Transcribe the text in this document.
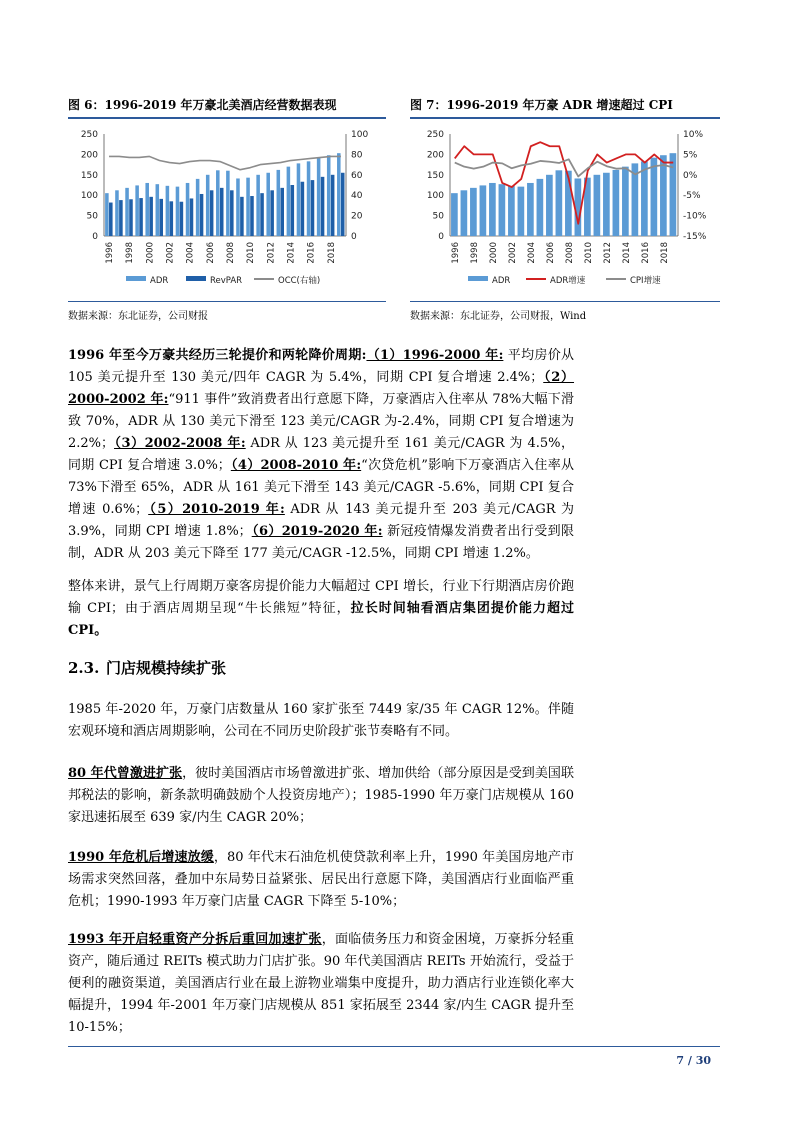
图 6：1996-2019 年万豪北美酒店经营数据表现
0
50
100
150
200
250
0
20
40
60
80
100
1996 1998 2000 2002 2004 2006 2008 2010 2012 2014 2016 2018
ADR	RevPAR	OCC(右轴)
数据来源：东北证券，公司财报
图 7：1996-2019 年万豪 ADR 增速超过 CPI
0
50
100
150
200
250
-15%
-10%
-5%
0%
5%
10%
1996 1998 2000 2002 2004 2006 2008 2010 2012 2014 2016 2018
ADR	ADR增速	CPI增速
数据来源：东北证券，公司财报，Wind
1996 年至今万豪共经历三轮提价和两轮降价周期:（1）1996-2000 年: 平均房价从 105 美元提升至 130 美元/四年 CAGR 为 5.4%，同期 CPI 复合增速 2.4%；（2）2000-2002 年:“911 事件”致消费者出行意愿下降，万豪酒店入住率从 78%大幅下滑致 70%，ADR 从 130 美元下滑至 123 美元/CAGR 为-2.4%，同期 CPI 复合增速为 2.2%；（3）2002-2008 年: ADR 从 123 美元提升至 161 美元/CAGR 为 4.5%，同期 CPI 复合增速 3.0%；（4）2008-2010 年:“次贷危机”影响下万豪酒店入住率从 73%下滑至 65%，ADR 从 161 美元下滑至 143 美元/CAGR -5.6%，同期 CPI 复合增速 0.6%；（5）2010-2019 年: ADR 从 143 美元提升至 203 美元/CAGR 为 3.9%，同期 CPI 增速 1.8%；（6）2019-2020 年: 新冠疫情爆发消费者出行受到限制，ADR 从 203 美元下降至 177 美元/CAGR -12.5%，同期 CPI 增速 1.2%。
整体来讲，景气上行周期万豪客房提价能力大幅超过 CPI 增长，行业下行期酒店房价跑输 CPI；由于酒店周期呈现“牛长熊短”特征，拉长时间轴看酒店集团提价能力超过 CPI。
2.3. 门店规模持续扩张
1985 年-2020 年，万豪门店数量从 160 家扩张至 7449 家/35 年 CAGR 12%。伴随宏观环境和酒店周期影响，公司在不同历史阶段扩张节奏略有不同。
80 年代曾激进扩张，彼时美国酒店市场曾激进扩张、增加供给（部分原因是受到美国联邦税法的影响，新条款明确鼓励个人投资房地产）；1985-1990 年万豪门店规模从 160 家迅速拓展至 639 家/内生 CAGR 20%；
1990 年危机后增速放缓，80 年代末石油危机使贷款利率上升，1990 年美国房地产市场需求突然回落，叠加中东局势日益紧张、居民出行意愿下降，美国酒店行业面临严重危机；1990-1993 年万豪门店量 CAGR 下降至 5-10%；
1993 年开启轻重资产分拆后重回加速扩张，面临债务压力和资金困境，万豪拆分轻重资产，随后通过 REITs 模式助力门店扩张。90 年代美国酒店 REITs 开始流行，受益于便利的融资渠道，美国酒店行业在最上游物业端集中度提升，助力酒店行业连锁化率大幅提升，1994 年-2001 年万豪门店规模从 851 家拓展至 2344 家/内生 CAGR 提升至 10-15%；
7 / 30
